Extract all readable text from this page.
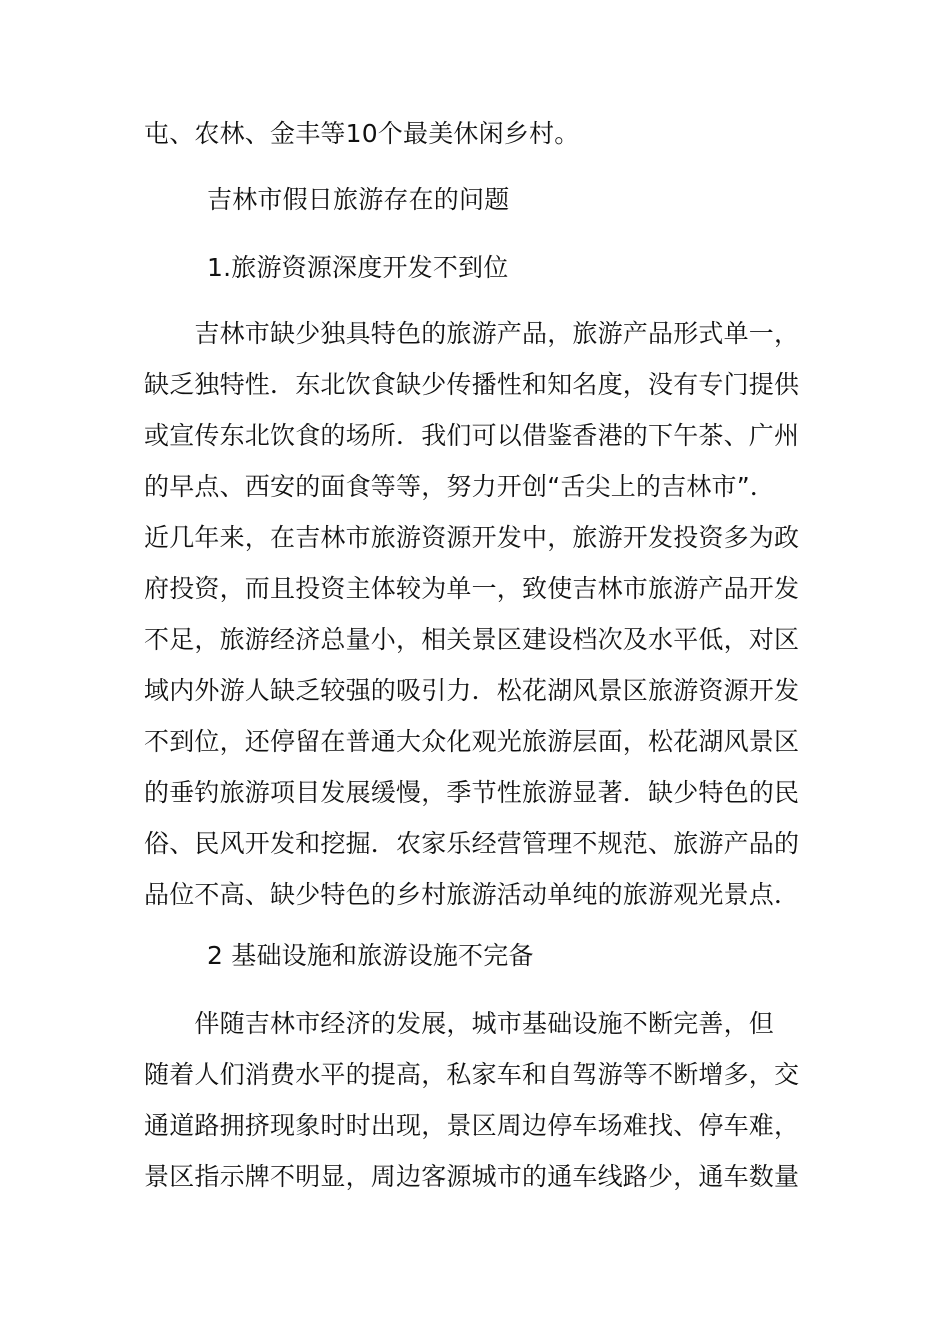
屯、农林、金丰等10个最美休闲乡村。

吉林市假日旅游存在的问题

1.旅游资源深度开发不到位

　　吉林市缺少独具特色的旅游产品，旅游产品形式单一，
缺乏独特性．东北饮食缺少传播性和知名度，没有专门提供
或宣传东北饮食的场所．我们可以借鉴香港的下午茶、广州
的早点、西安的面食等等，努力开创“舌尖上的吉林市”．
近几年来，在吉林市旅游资源开发中，旅游开发投资多为政
府投资，而且投资主体较为单一，致使吉林市旅游产品开发
不足，旅游经济总量小，相关景区建设档次及水平低，对区
域内外游人缺乏较强的吸引力．松花湖风景区旅游资源开发
不到位，还停留在普通大众化观光旅游层面，松花湖风景区
的垂钓旅游项目发展缓慢，季节性旅游显著．缺少特色的民
俗、民风开发和挖掘．农家乐经营管理不规范、旅游产品的
品位不高、缺少特色的乡村旅游活动单纯的旅游观光景点．

2 基础设施和旅游设施不完备

　　伴随吉林市经济的发展，城市基础设施不断完善，但
随着人们消费水平的提高，私家车和自驾游等不断增多，交
通道路拥挤现象时时出现，景区周边停车场难找、停车难，
景区指示牌不明显，周边客源城市的通车线路少，通车数量
